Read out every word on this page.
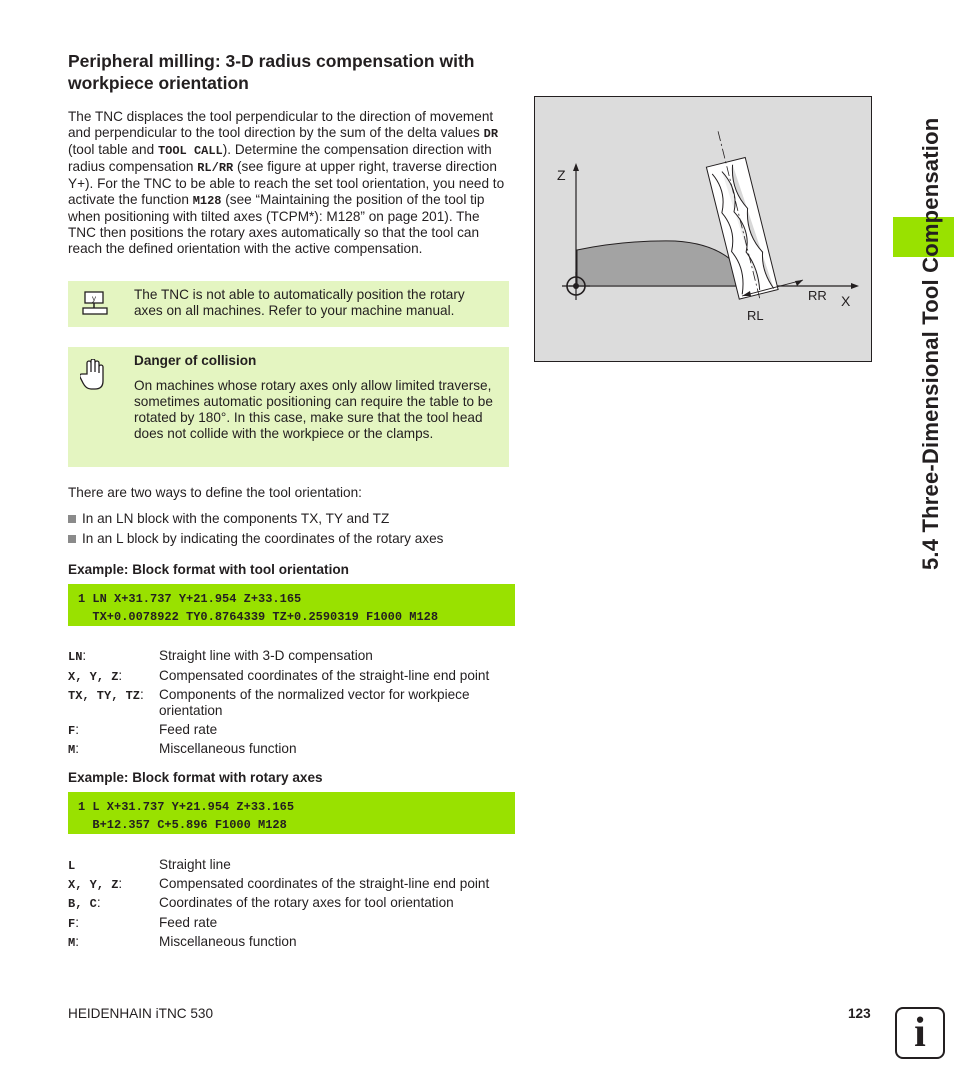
Peripheral milling: 3-D radius compensation with workpiece orientation
The TNC displaces the tool perpendicular to the direction of movement and perpendicular to the tool direction by the sum of the delta values DR (tool table and TOOL CALL). Determine the compensation direction with radius compensation RL/RR (see figure at upper right, traverse direction Y+). For the TNC to be able to reach the set tool orientation, you need to activate the function M128 (see “Maintaining the position of the tool tip when positioning with tilted axes (TCPM*): M128” on page 201). The TNC then positions the rotary axes automatically so that the tool can reach the defined orientation with the active compensation.
y	The TNC is not able to automatically position the rotary axes on all machines. Refer to your machine manual.
Danger of collision
On machines whose rotary axes only allow limited traverse, sometimes automatic positioning can require the table to be rotated by 180°. In this case, make sure that the tool head does not collide with the workpiece or the clamps.
There are two ways to define the tool orientation:
In an LN block with the components TX, TY and TZ
In an L block by indicating the coordinates of the rotary axes
Example: Block format with tool orientation
1 LN X+31.737 Y+21.954 Z+33.165
TX+0.0078922 TY0.8764339 TZ+0.2590319 F1000 M128
LN:	Straight line with 3-D compensation
X, Y, Z:	Compensated coordinates of the straight-line end point
TX, TY, TZ: Components of the normalized vector for workpiece orientation
F:	Feed rate
M:	Miscellaneous function
Example: Block format with rotary axes
1 L X+31.737 Y+21.954 Z+33.165
B+12.357 C+5.896 F1000 M128
L	Straight line
X, Y, Z:	Compensated coordinates of the straight-line end point
B, C:	Coordinates of the rotary axes for tool orientation
F:	Feed rate
M:	Miscellaneous function
Z
X
RR
RL	5.4 Three-Dimensional Tool Compensation
HEIDENHAIN iTNC 530	123	i
